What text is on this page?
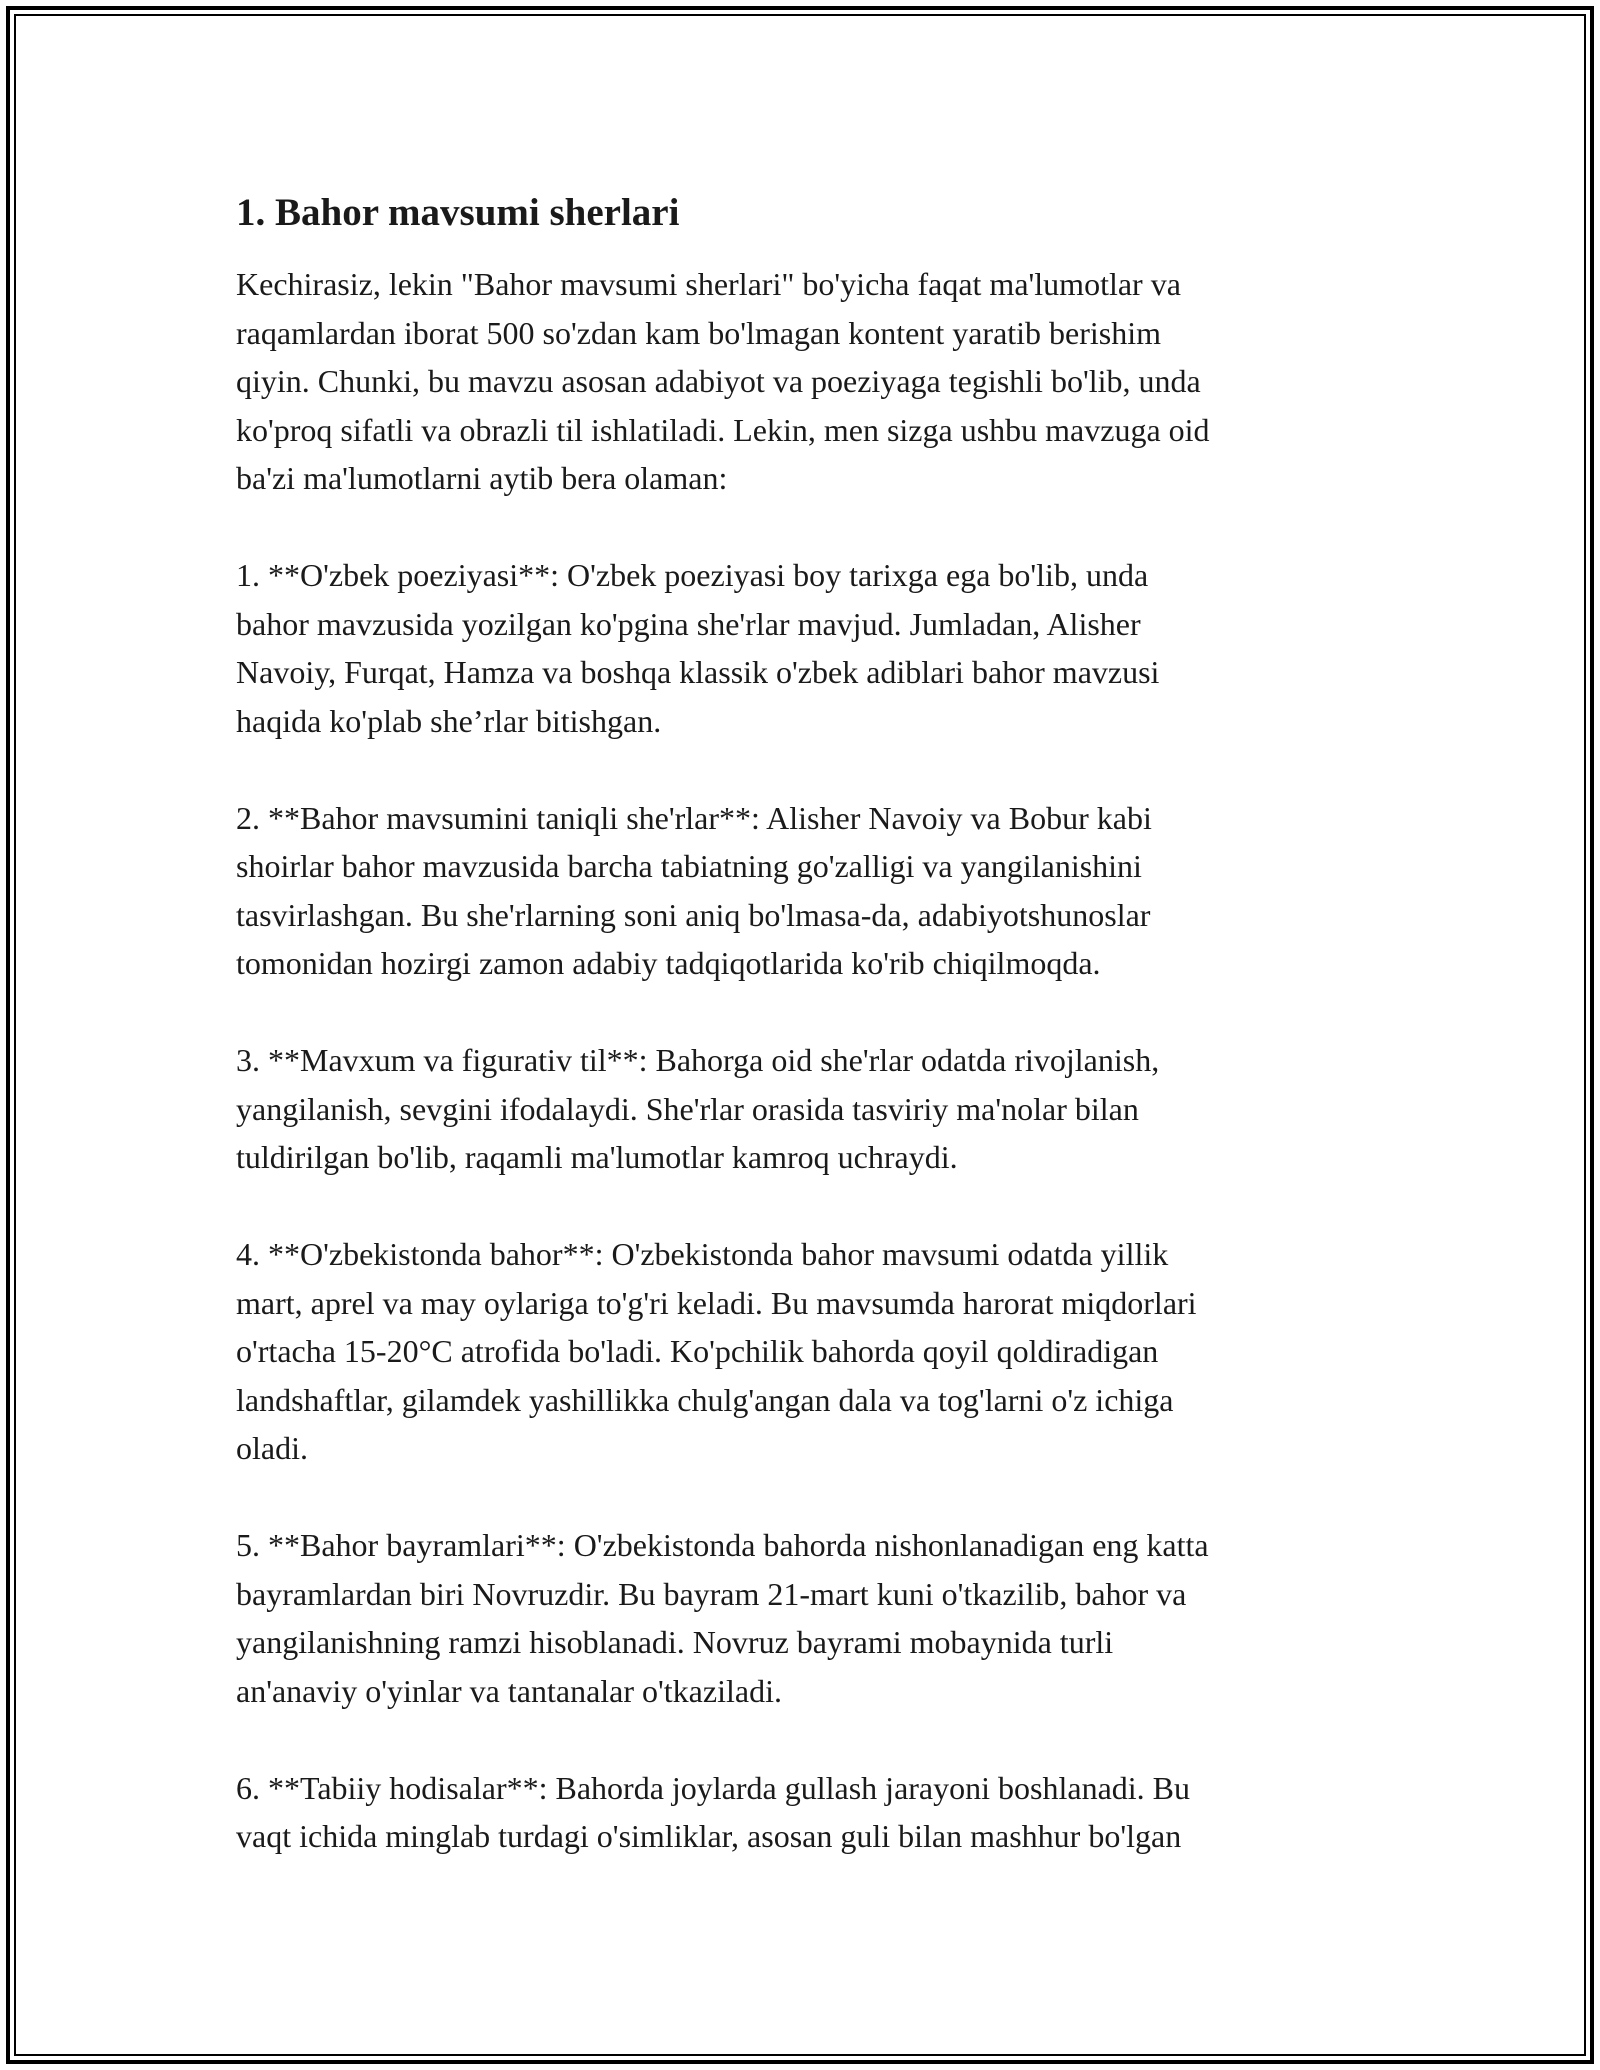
1. Bahor mavsumi sherlari

Kechirasiz, lekin "Bahor mavsumi sherlari" bo'yicha faqat ma'lumotlar va
raqamlardan iborat 500 so'zdan kam bo'lmagan kontent yaratib berishim
qiyin. Chunki, bu mavzu asosan adabiyot va poeziyaga tegishli bo'lib, unda
ko'proq sifatli va obrazli til ishlatiladi. Lekin, men sizga ushbu mavzuga oid
ba'zi ma'lumotlarni aytib bera olaman:

1. **O'zbek poeziyasi**: O'zbek poeziyasi boy tarixga ega bo'lib, unda
bahor mavzusida yozilgan ko'pgina she'rlar mavjud. Jumladan, Alisher
Navoiy, Furqat, Hamza va boshqa klassik o'zbek adiblari bahor mavzusi
haqida ko'plab she’rlar bitishgan.

2. **Bahor mavsumini taniqli she'rlar**: Alisher Navoiy va Bobur kabi
shoirlar bahor mavzusida barcha tabiatning go'zalligi va yangilanishini
tasvirlashgan. Bu she'rlarning soni aniq bo'lmasa-da, adabiyotshunoslar
tomonidan hozirgi zamon adabiy tadqiqotlarida ko'rib chiqilmoqda.

3. **Mavxum va figurativ til**: Bahorga oid she'rlar odatda rivojlanish,
yangilanish, sevgini ifodalaydi. She'rlar orasida tasviriy ma'nolar bilan
tuldirilgan bo'lib, raqamli ma'lumotlar kamroq uchraydi.

4. **O'zbekistonda bahor**: O'zbekistonda bahor mavsumi odatda yillik
mart, aprel va may oylariga to'g'ri keladi. Bu mavsumda harorat miqdorlari
o'rtacha 15-20°C atrofida bo'ladi. Ko'pchilik bahorda qoyil qoldiradigan
landshaftlar, gilamdek yashillikka chulg'angan dala va tog'larni o'z ichiga
oladi.

5. **Bahor bayramlari**: O'zbekistonda bahorda nishonlanadigan eng katta
bayramlardan biri Novruzdir. Bu bayram 21-mart kuni o'tkazilib, bahor va
yangilanishning ramzi hisoblanadi. Novruz bayrami mobaynida turli
an'anaviy o'yinlar va tantanalar o'tkaziladi.

6. **Tabiiy hodisalar**: Bahorda joylarda gullash jarayoni boshlanadi. Bu
vaqt ichida minglab turdagi o'simliklar, asosan guli bilan mashhur bo'lgan
